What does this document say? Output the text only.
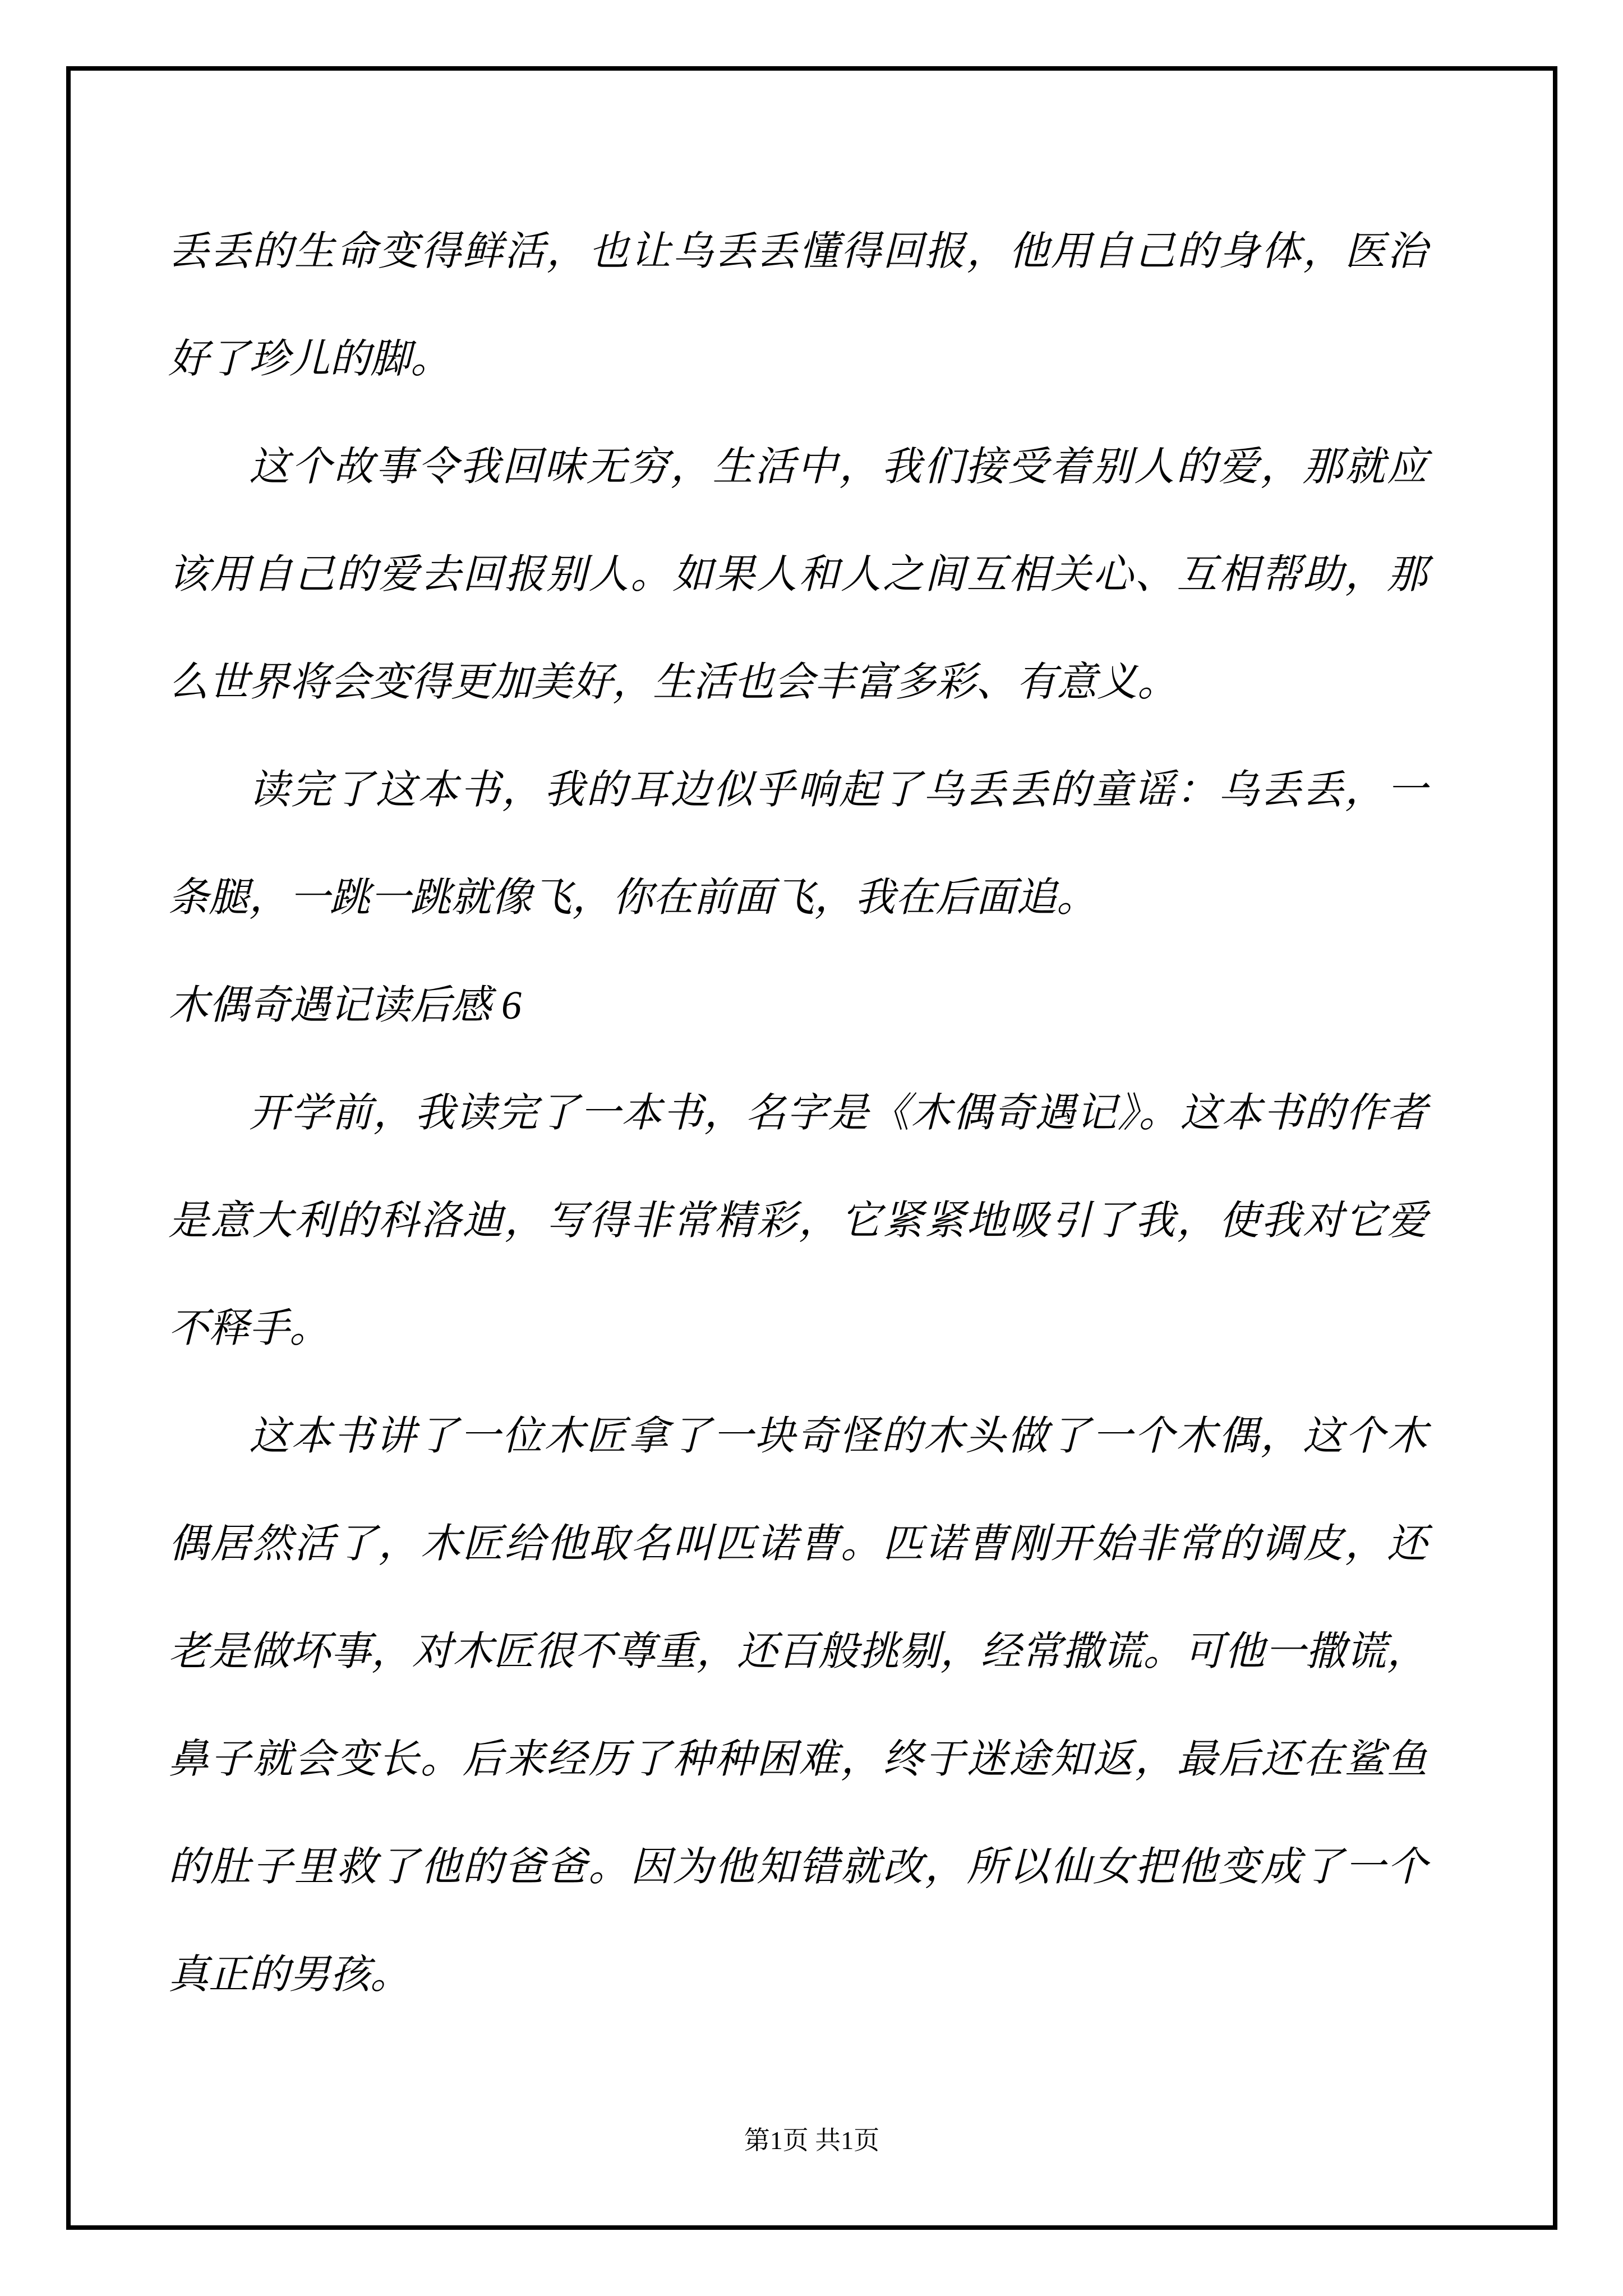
丢丢的生命变得鲜活，也让乌丢丢懂得回报，他用自己的身体，医治
好了珍儿的脚。
这个故事令我回味无穷，生活中，我们接受着别人的爱，那就应
该用自己的爱去回报别人。如果人和人之间互相关心、互相帮助，那
么世界将会变得更加美好，生活也会丰富多彩、有意义。
读完了这本书，我的耳边似乎响起了乌丢丢的童谣：乌丢丢，一
条腿，一跳一跳就像飞，你在前面飞，我在后面追。
木偶奇遇记读后感 6
开学前，我读完了一本书，名字是《木偶奇遇记》。这本书的作者
是意大利的科洛迪，写得非常精彩，它紧紧地吸引了我，使我对它爱
不释手。
这本书讲了一位木匠拿了一块奇怪的木头做了一个木偶，这个木
偶居然活了，木匠给他取名叫匹诺曹。匹诺曹刚开始非常的调皮，还
老是做坏事，对木匠很不尊重，还百般挑剔，经常撒谎。可他一撒谎，
鼻子就会变长。后来经历了种种困难，终于迷途知返，最后还在鲨鱼
的肚子里救了他的爸爸。因为他知错就改，所以仙女把他变成了一个
真正的男孩。
第1页 共1页
